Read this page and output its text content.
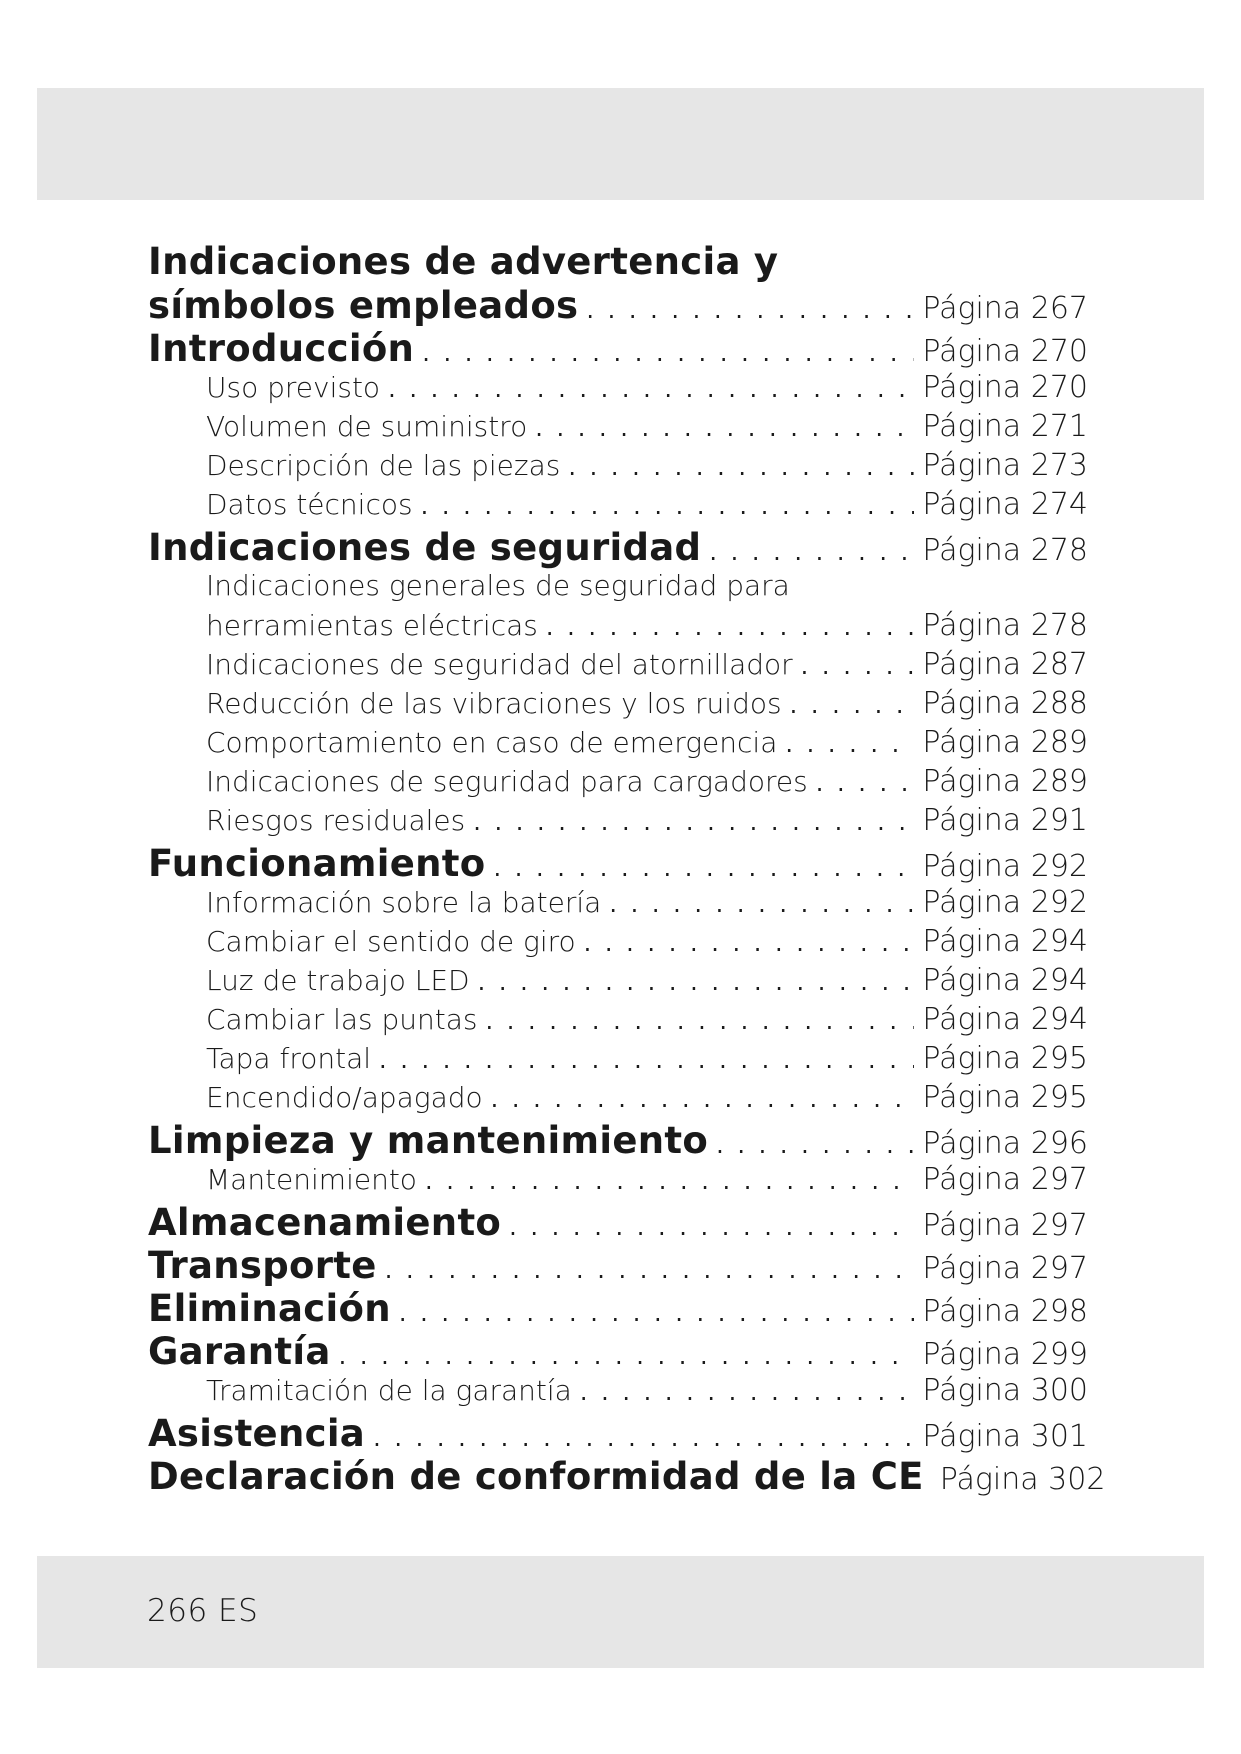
Indicaciones de advertencia y
símbolos empleados . . .	Página 267
Introducción . . .	Página 270
Uso previsto . . .	Página 270
Volumen de suministro . . .	Página 271
Descripción de las piezas . . .	Página 273
Datos técnicos . . .	Página 274
Indicaciones de seguridad . . .	Página 278
Indicaciones generales de seguridad para
herramientas eléctricas . . .	Página 278
Indicaciones de seguridad del atornillador . . .	Página 287
Reducción de las vibraciones y los ruidos . . .	Página 288
Comportamiento en caso de emergencia . . .	Página 289
Indicaciones de seguridad para cargadores . . .	Página 289
Riesgos residuales . . .	Página 291
Funcionamiento . . .	Página 292
Información sobre la batería . . .	Página 292
Cambiar el sentido de giro . . .	Página 294
Luz de trabajo LED . . .	Página 294
Cambiar las puntas . . .	Página 294
Tapa frontal . . .	Página 295
Encendido/apagado . . .	Página 295
Limpieza y mantenimiento . . .	Página 296
Mantenimiento . . .	Página 297
Almacenamiento . . .	Página 297
Transporte . . .	Página 297
Eliminación . . .	Página 298
Garantía . . .	Página 299
Tramitación de la garantía . . .	Página 300
Asistencia . . .	Página 301
Declaración de conformidad de la CE Página 302
266 ES
